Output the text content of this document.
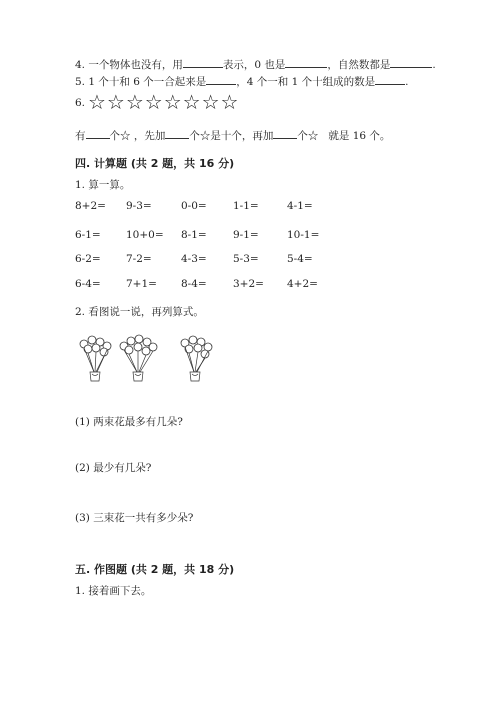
4. 一个物体也没有，用	表示，0 也是	，自然数都是	.
5. 1 个十和 6 个一合起来是	，4 个一和 1 个十组成的数是	.
6. ☆☆☆☆☆☆☆☆
有 个☆ ，先加 个☆是十个，再加 个☆ 就是 16 个。
四. 计算题 (共 2 题，共 16 分)
1. 算一算。
8+2= 9-3=	0-0=	1-1=	4-1=
6-1= 10+0= 8-1=	9-1=	10-1=
6-2= 7-2=	4-3=	5-3=	5-4=
6-4= 7+1= 8-4=	3+2= 4+2=
2. 看图说一说，再列算式。
(1) 两束花最多有几朵?
(2) 最少有几朵?
(3) 三束花一共有多少朵?
五. 作图题 (共 2 题，共 18 分)
1. 接着画下去。
